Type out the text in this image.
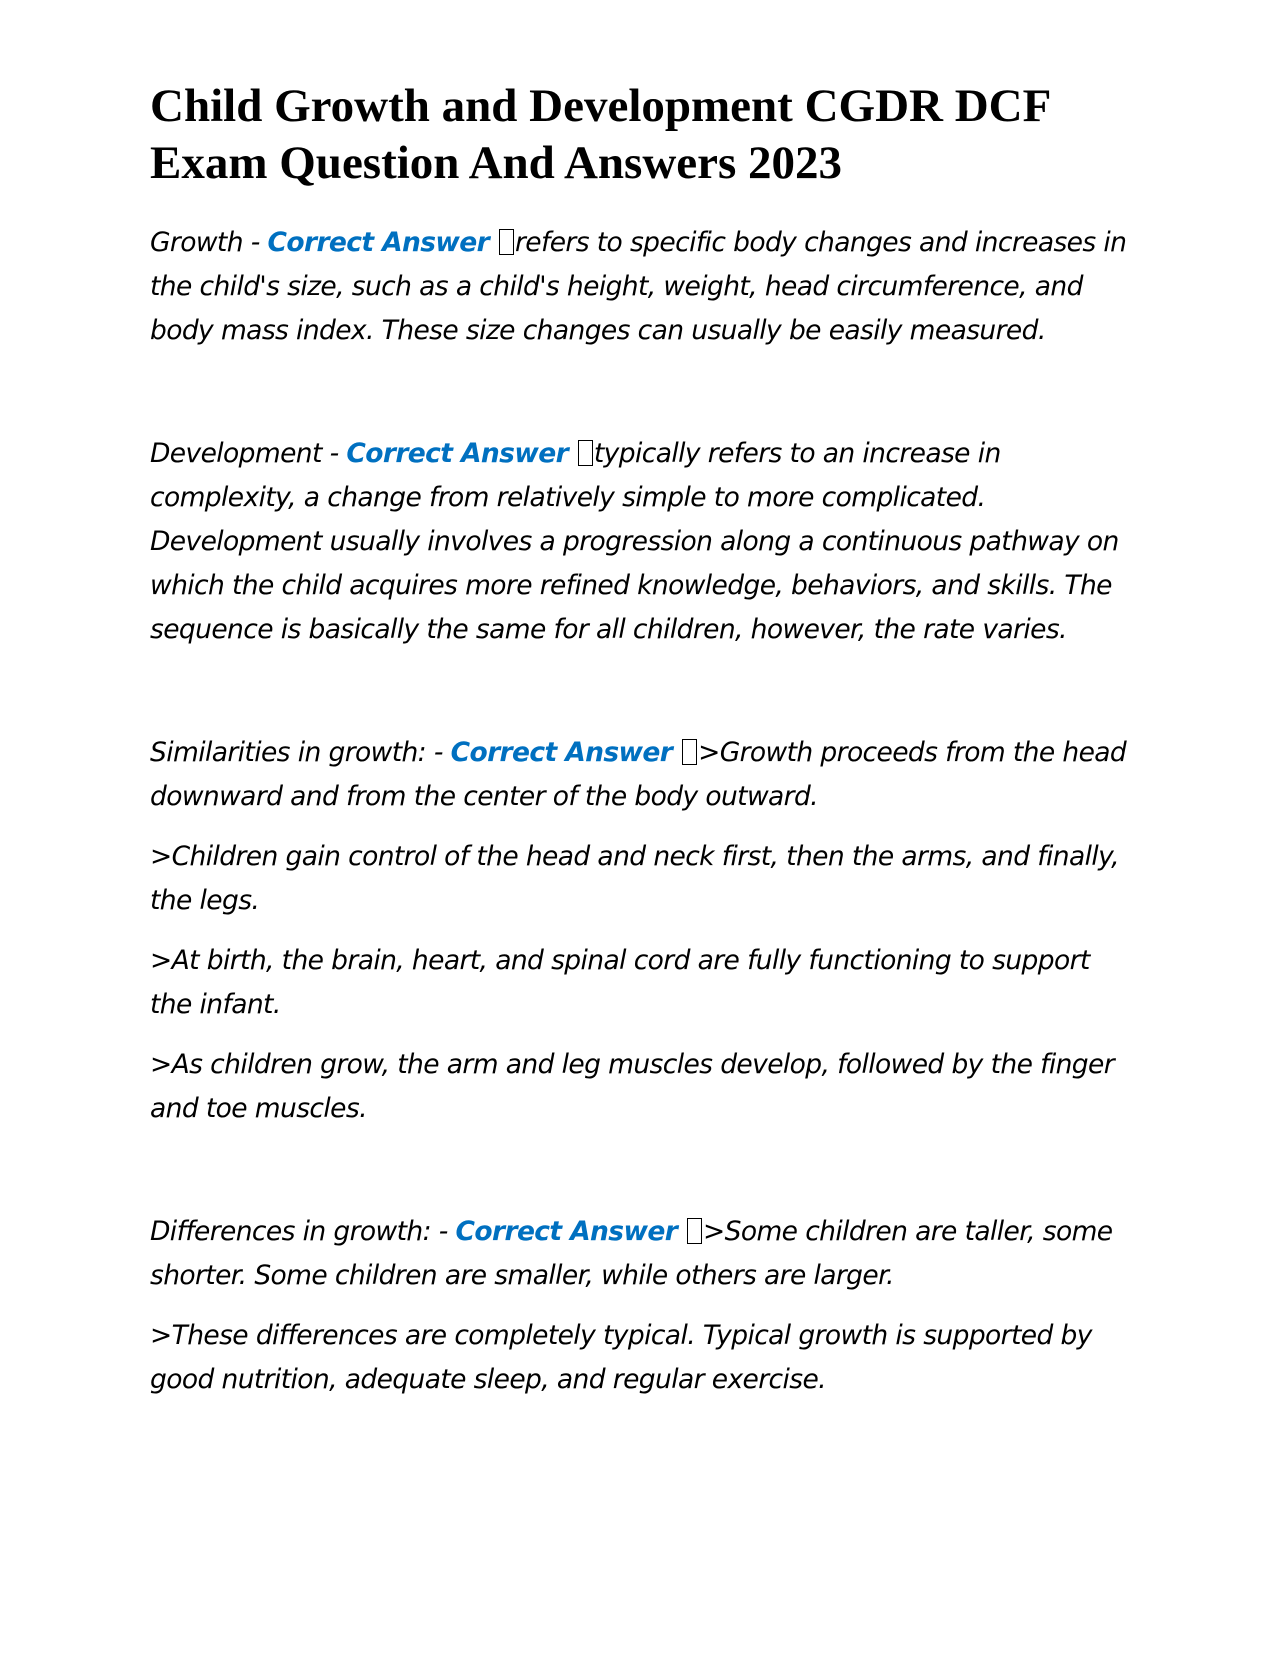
Child Growth and Development CGDR DCF Exam Question And Answers 2023

Growth - Correct Answer refers to specific body changes and increases in the child's size, such as a child's height, weight, head circumference, and body mass index. These size changes can usually be easily measured.

Development - Correct Answer typically refers to an increase in complexity, a change from relatively simple to more complicated. Development usually involves a progression along a continuous pathway on which the child acquires more refined knowledge, behaviors, and skills. The sequence is basically the same for all children, however, the rate varies.

Similarities in growth: - Correct Answer >Growth proceeds from the head downward and from the center of the body outward.

>Children gain control of the head and neck first, then the arms, and finally, the legs.

>At birth, the brain, heart, and spinal cord are fully functioning to support the infant.

>As children grow, the arm and leg muscles develop, followed by the finger and toe muscles.

Differences in growth: - Correct Answer >Some children are taller, some shorter. Some children are smaller, while others are larger.

>These differences are completely typical. Typical growth is supported by good nutrition, adequate sleep, and regular exercise.
